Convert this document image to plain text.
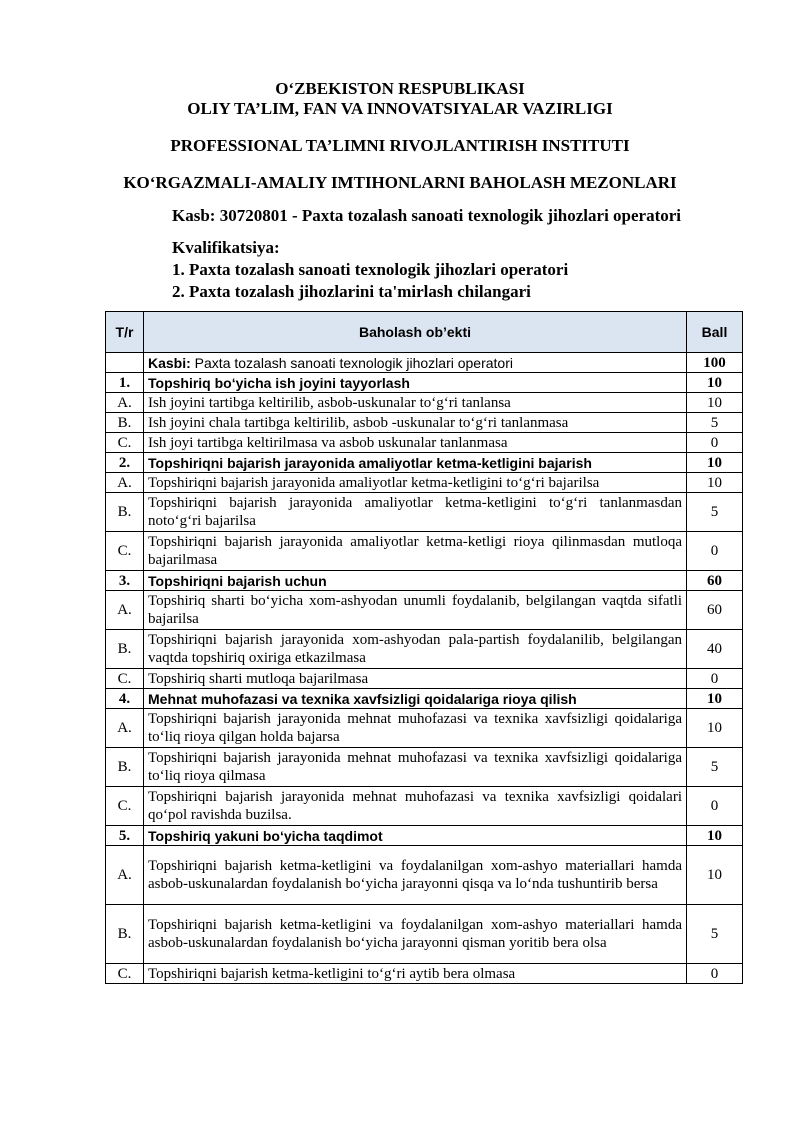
O‘ZBEKISTON RESPUBLIKASI
OLIY TA’LIM, FAN VA INNOVATSIYALAR VAZIRLIGI
PROFESSIONAL TA’LIMNI RIVOJLANTIRISH INSTITUTI
KO‘RGAZMALI-AMALIY IMTIHONLARNI BAHOLASH MEZONLARI
Kasb: 30720801 - Paxta tozalash sanoati texnologik jihozlari operatori
Kvalifikatsiya:
1. Paxta tozalash sanoati texnologik jihozlari operatori
2. Paxta tozalash jihozlarini ta'mirlash chilangari
T/r	Baholash ob’ekti	Ball
	Kasbi: Paxta tozalash sanoati texnologik jihozlari operatori	100
1.	Topshiriq bo‘yicha ish joyini tayyorlash	10
A.	Ish joyini tartibga keltirilib, asbob-uskunalar to‘g‘ri tanlansa	10
B.	Ish joyini chala tartibga keltirilib, asbob -uskunalar to‘g‘ri tanlanmasa	5
C.	Ish joyi tartibga keltirilmasa va asbob uskunalar tanlanmasa	0
2.	Topshiriqni bajarish jarayonida amaliyotlar ketma-ketligini bajarish	10
A.	Topshiriqni bajarish jarayonida amaliyotlar ketma-ketligini to‘g‘ri bajarilsa	10
B.	Topshiriqni bajarish jarayonida amaliyotlar ketma-ketligini to‘g‘ri tanlanmasdan noto‘g‘ri bajarilsa	5
C.	Topshiriqni bajarish jarayonida amaliyotlar ketma-ketligi rioya qilinmasdan mutloqa bajarilmasa	0
3.	Topshiriqni bajarish uchun	60
A.	Topshiriq sharti bo‘yicha xom-ashyodan unumli foydalanib, belgilangan vaqtda sifatli bajarilsa	60
B.	Topshiriqni bajarish jarayonida xom-ashyodan pala-partish foydalanilib, belgilangan vaqtda topshiriq oxiriga etkazilmasa	40
C.	Topshiriq sharti mutloqa bajarilmasa	0
4.	Mehnat muhofazasi va texnika xavfsizligi qoidalariga rioya qilish	10
A.	Topshiriqni bajarish jarayonida mehnat muhofazasi va texnika xavfsizligi qoidalariga to‘liq rioya qilgan holda bajarsa	10
B.	Topshiriqni bajarish jarayonida mehnat muhofazasi va texnika xavfsizligi qoidalariga to‘liq rioya qilmasa	5
C.	Topshiriqni bajarish jarayonida mehnat muhofazasi va texnika xavfsizligi qoidalari qo‘pol ravishda buzilsa.	0
5.	Topshiriq yakuni bo‘yicha taqdimot	10
A.	Topshiriqni bajarish ketma-ketligini va foydalanilgan xom-ashyo materiallari hamda asbob-uskunalardan foydalanish bo‘yicha jarayonni qisqa va lo‘nda tushuntirib bersa	10
B.	Topshiriqni bajarish ketma-ketligini va foydalanilgan xom-ashyo materiallari hamda asbob-uskunalardan foydalanish bo‘yicha jarayonni qisman yoritib bera olsa	5
C.	Topshiriqni bajarish ketma-ketligini to‘g‘ri aytib bera olmasa	0
